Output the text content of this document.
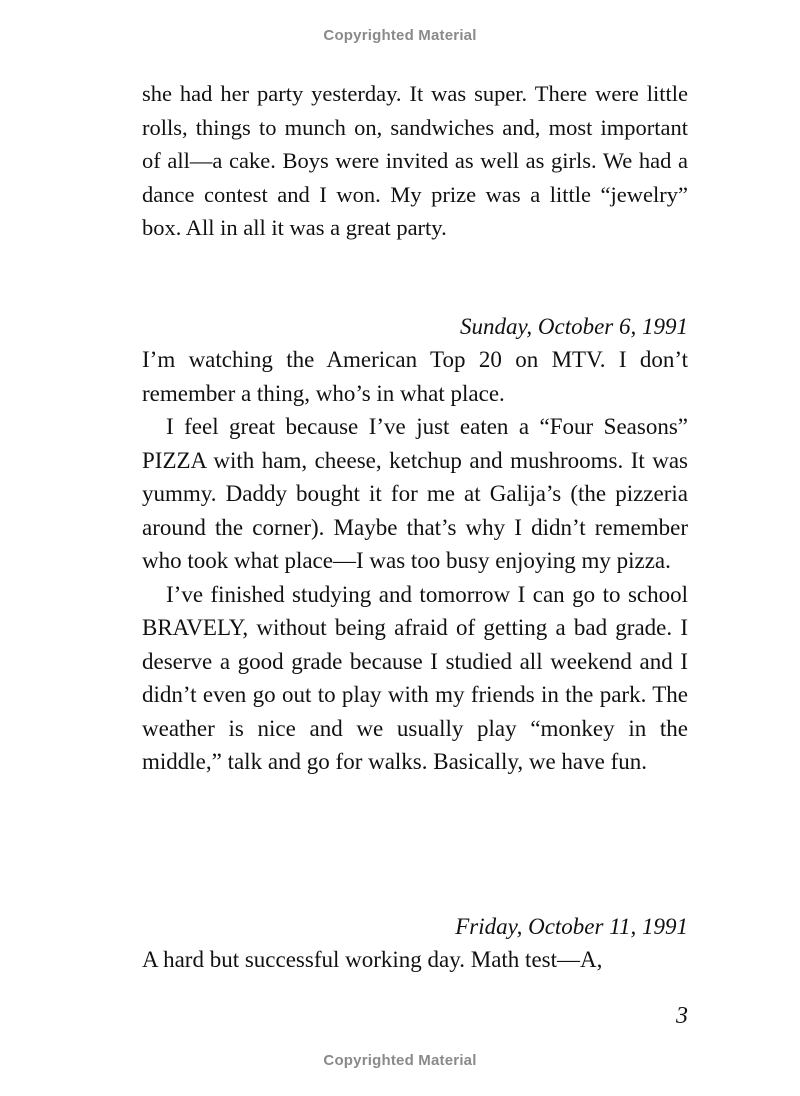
Copyrighted Material
she had her party yesterday. It was super. There were little rolls, things to munch on, sandwiches and, most important of all—a cake. Boys were invited as well as girls. We had a dance contest and I won. My prize was a little “jewelry” box. All in all it was a great party.
Sunday, October 6, 1991

I’m watching the American Top 20 on MTV. I don’t remember a thing, who’s in what place.

I feel great because I’ve just eaten a “Four Seasons” PIZZA with ham, cheese, ketchup and mushrooms. It was yummy. Daddy bought it for me at Galija’s (the pizzeria around the corner). Maybe that’s why I didn’t remember who took what place—I was too busy enjoying my pizza.

I’ve finished studying and tomorrow I can go to school BRAVELY, without being afraid of getting a bad grade. I deserve a good grade because I studied all weekend and I didn’t even go out to play with my friends in the park. The weather is nice and we usually play “monkey in the middle,” talk and go for walks. Basically, we have fun.

Friday, October 11, 1991
A hard but successful working day. Math test—A,
3
Copyrighted Material
